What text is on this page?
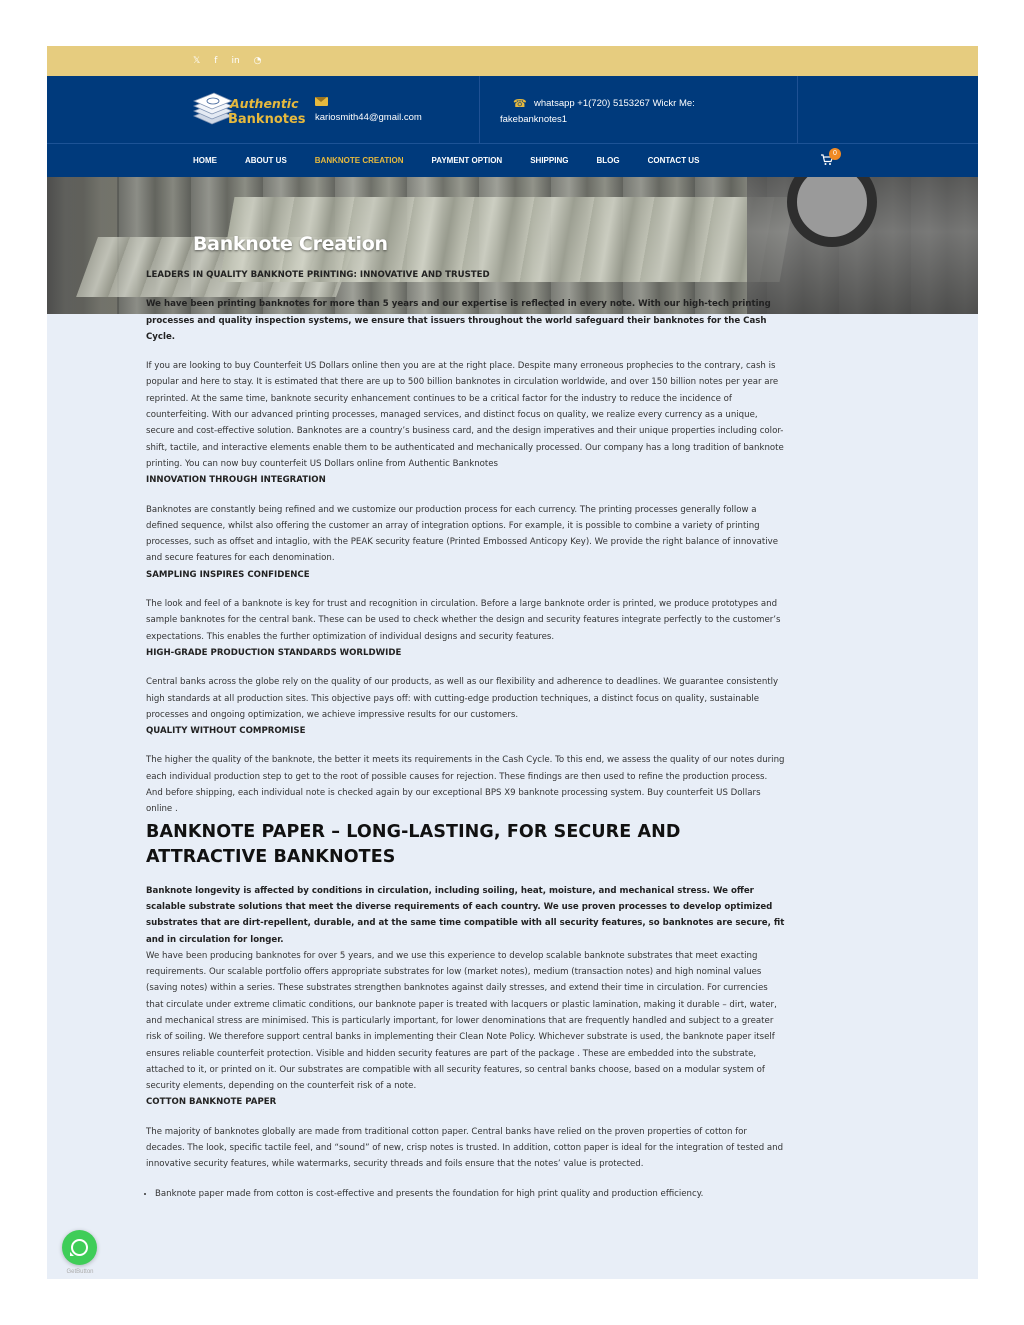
𝕏 f in ◔
Authentic
Banknotes kariosmith44@gmail.com
☎ whatsapp +1(720) 5153267 Wickr Me: fakebanknotes1
HOME	ABOUT US	BANKNOTE CREATION	PAYMENT OPTION	SHIPPING	BLOG	CONTACT US
0
Banknote Creation
LEADERS IN QUALITY BANKNOTE PRINTING: INNOVATIVE AND TRUSTED
We have been printing banknotes for more than 5 years and our expertise is reflected in every note. With our high-tech printing processes and quality inspection systems, we ensure that issuers throughout the world safeguard their banknotes for the Cash Cycle.

If you are looking to buy Counterfeit US Dollars online then you are at the right place. Despite many erroneous prophecies to the contrary, cash is popular and here to stay. It is estimated that there are up to 500 billion banknotes in circulation worldwide, and over 150 billion notes per year are reprinted. At the same time, banknote security enhancement continues to be a critical factor for the industry to reduce the incidence of counterfeiting. With our advanced printing processes, managed services, and distinct focus on quality, we realize every currency as a unique, secure and cost-effective solution. Banknotes are a country’s business card, and the design imperatives and their unique properties including color-shift, tactile, and interactive elements enable them to be authenticated and mechanically processed. Our company has a long tradition of banknote printing. You can now buy counterfeit US Dollars online from Authentic Banknotes

INNOVATION THROUGH INTEGRATION

Banknotes are constantly being refined and we customize our production process for each currency. The printing processes generally follow a defined sequence, whilst also offering the customer an array of integration options. For example, it is possible to combine a variety of printing processes, such as offset and intaglio, with the PEAK security feature (Printed Embossed Anticopy Key). We provide the right balance of innovative and secure features for each denomination.

SAMPLING INSPIRES CONFIDENCE

The look and feel of a banknote is key for trust and recognition in circulation. Before a large banknote order is printed, we produce prototypes and sample banknotes for the central bank. These can be used to check whether the design and security features integrate perfectly to the customer’s expectations. This enables the further optimization of individual designs and security features.

HIGH-GRADE PRODUCTION STANDARDS WORLDWIDE

Central banks across the globe rely on the quality of our products, as well as our flexibility and adherence to deadlines. We guarantee consistently high standards at all production sites. This objective pays off: with cutting-edge production techniques, a distinct focus on quality, sustainable processes and ongoing optimization, we achieve impressive results for our customers.

QUALITY WITHOUT COMPROMISE

The higher the quality of the banknote, the better it meets its requirements in the Cash Cycle. To this end, we assess the quality of our notes during each individual production step to get to the root of possible causes for rejection. These findings are then used to refine the production process. And before shipping, each individual note is checked again by our exceptional BPS X9 banknote processing system. Buy counterfeit US Dollars online .

BANKNOTE PAPER – LONG-LASTING, FOR SECURE AND ATTRACTIVE BANKNOTES
Banknote longevity is affected by conditions in circulation, including soiling, heat, moisture, and mechanical stress. We offer scalable substrate solutions that meet the diverse requirements of each country. We use proven processes to develop optimized substrates that are dirt-repellent, durable, and at the same time compatible with all security features, so banknotes are secure, fit and in circulation for longer.
We have been producing banknotes for over 5 years, and we use this experience to develop scalable banknote substrates that meet exacting requirements. Our scalable portfolio offers appropriate substrates for low (market notes), medium (transaction notes) and high nominal values (saving notes) within a series. These substrates strengthen banknotes against daily stresses, and extend their time in circulation. For currencies that circulate under extreme climatic conditions, our banknote paper is treated with lacquers or plastic lamination, making it durable – dirt, water, and mechanical stress are minimised. This is particularly important, for lower denominations that are frequently handled and subject to a greater risk of soiling. We therefore support central banks in implementing their Clean Note Policy. Whichever substrate is used, the banknote paper itself ensures reliable counterfeit protection. Visible and hidden security features are part of the package . These are embedded into the substrate, attached to it, or printed on it. Our substrates are compatible with all security features, so central banks choose, based on a modular system of security elements, depending on the counterfeit risk of a note.
COTTON BANKNOTE PAPER

The majority of banknotes globally are made from traditional cotton paper. Central banks have relied on the proven properties of cotton for decades. The look, specific tactile feel, and “sound” of new, crisp notes is trusted. In addition, cotton paper is ideal for the integration of tested and innovative security features, while watermarks, security threads and foils ensure that the notes’ value is protected.

• Banknote paper made from cotton is cost-effective and presents the foundation for high print quality and production efficiency.
GetButton
